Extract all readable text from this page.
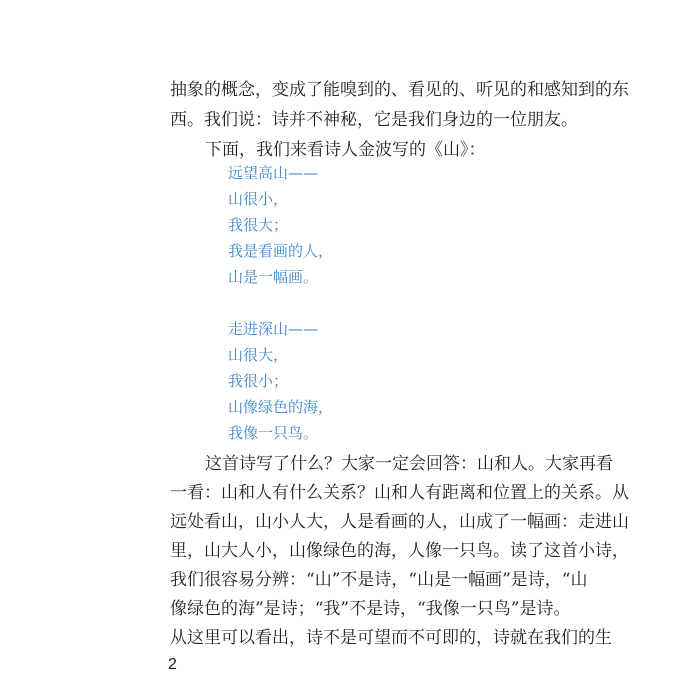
抽象的概念，变成了能嗅到的、看见的、听见的和感知到的东
西。我们说：诗并不神秘，它是我们身边的一位朋友。
下面，我们来看诗人金波写的《山》：
远望高山——
山很小，
我很大；
我是看画的人，
山是一幅画。
走进深山——
山很大，
我很小；
山像绿色的海，
我像一只鸟。
这首诗写了什么？大家一定会回答：山和人。大家再看
一看：山和人有什么关系？山和人有距离和位置上的关系。从
远处看山，山小人大，人是看画的人，山成了一幅画：走进山
里，山大人小，山像绿色的海，人像一只鸟。读了这首小诗，
我们很容易分辨：“山”不是诗，“山是一幅画”是诗，“山
像绿色的海”是诗；“我”不是诗，“我像一只鸟”是诗。
从这里可以看出，诗不是可望而不可即的，诗就在我们的生
2
